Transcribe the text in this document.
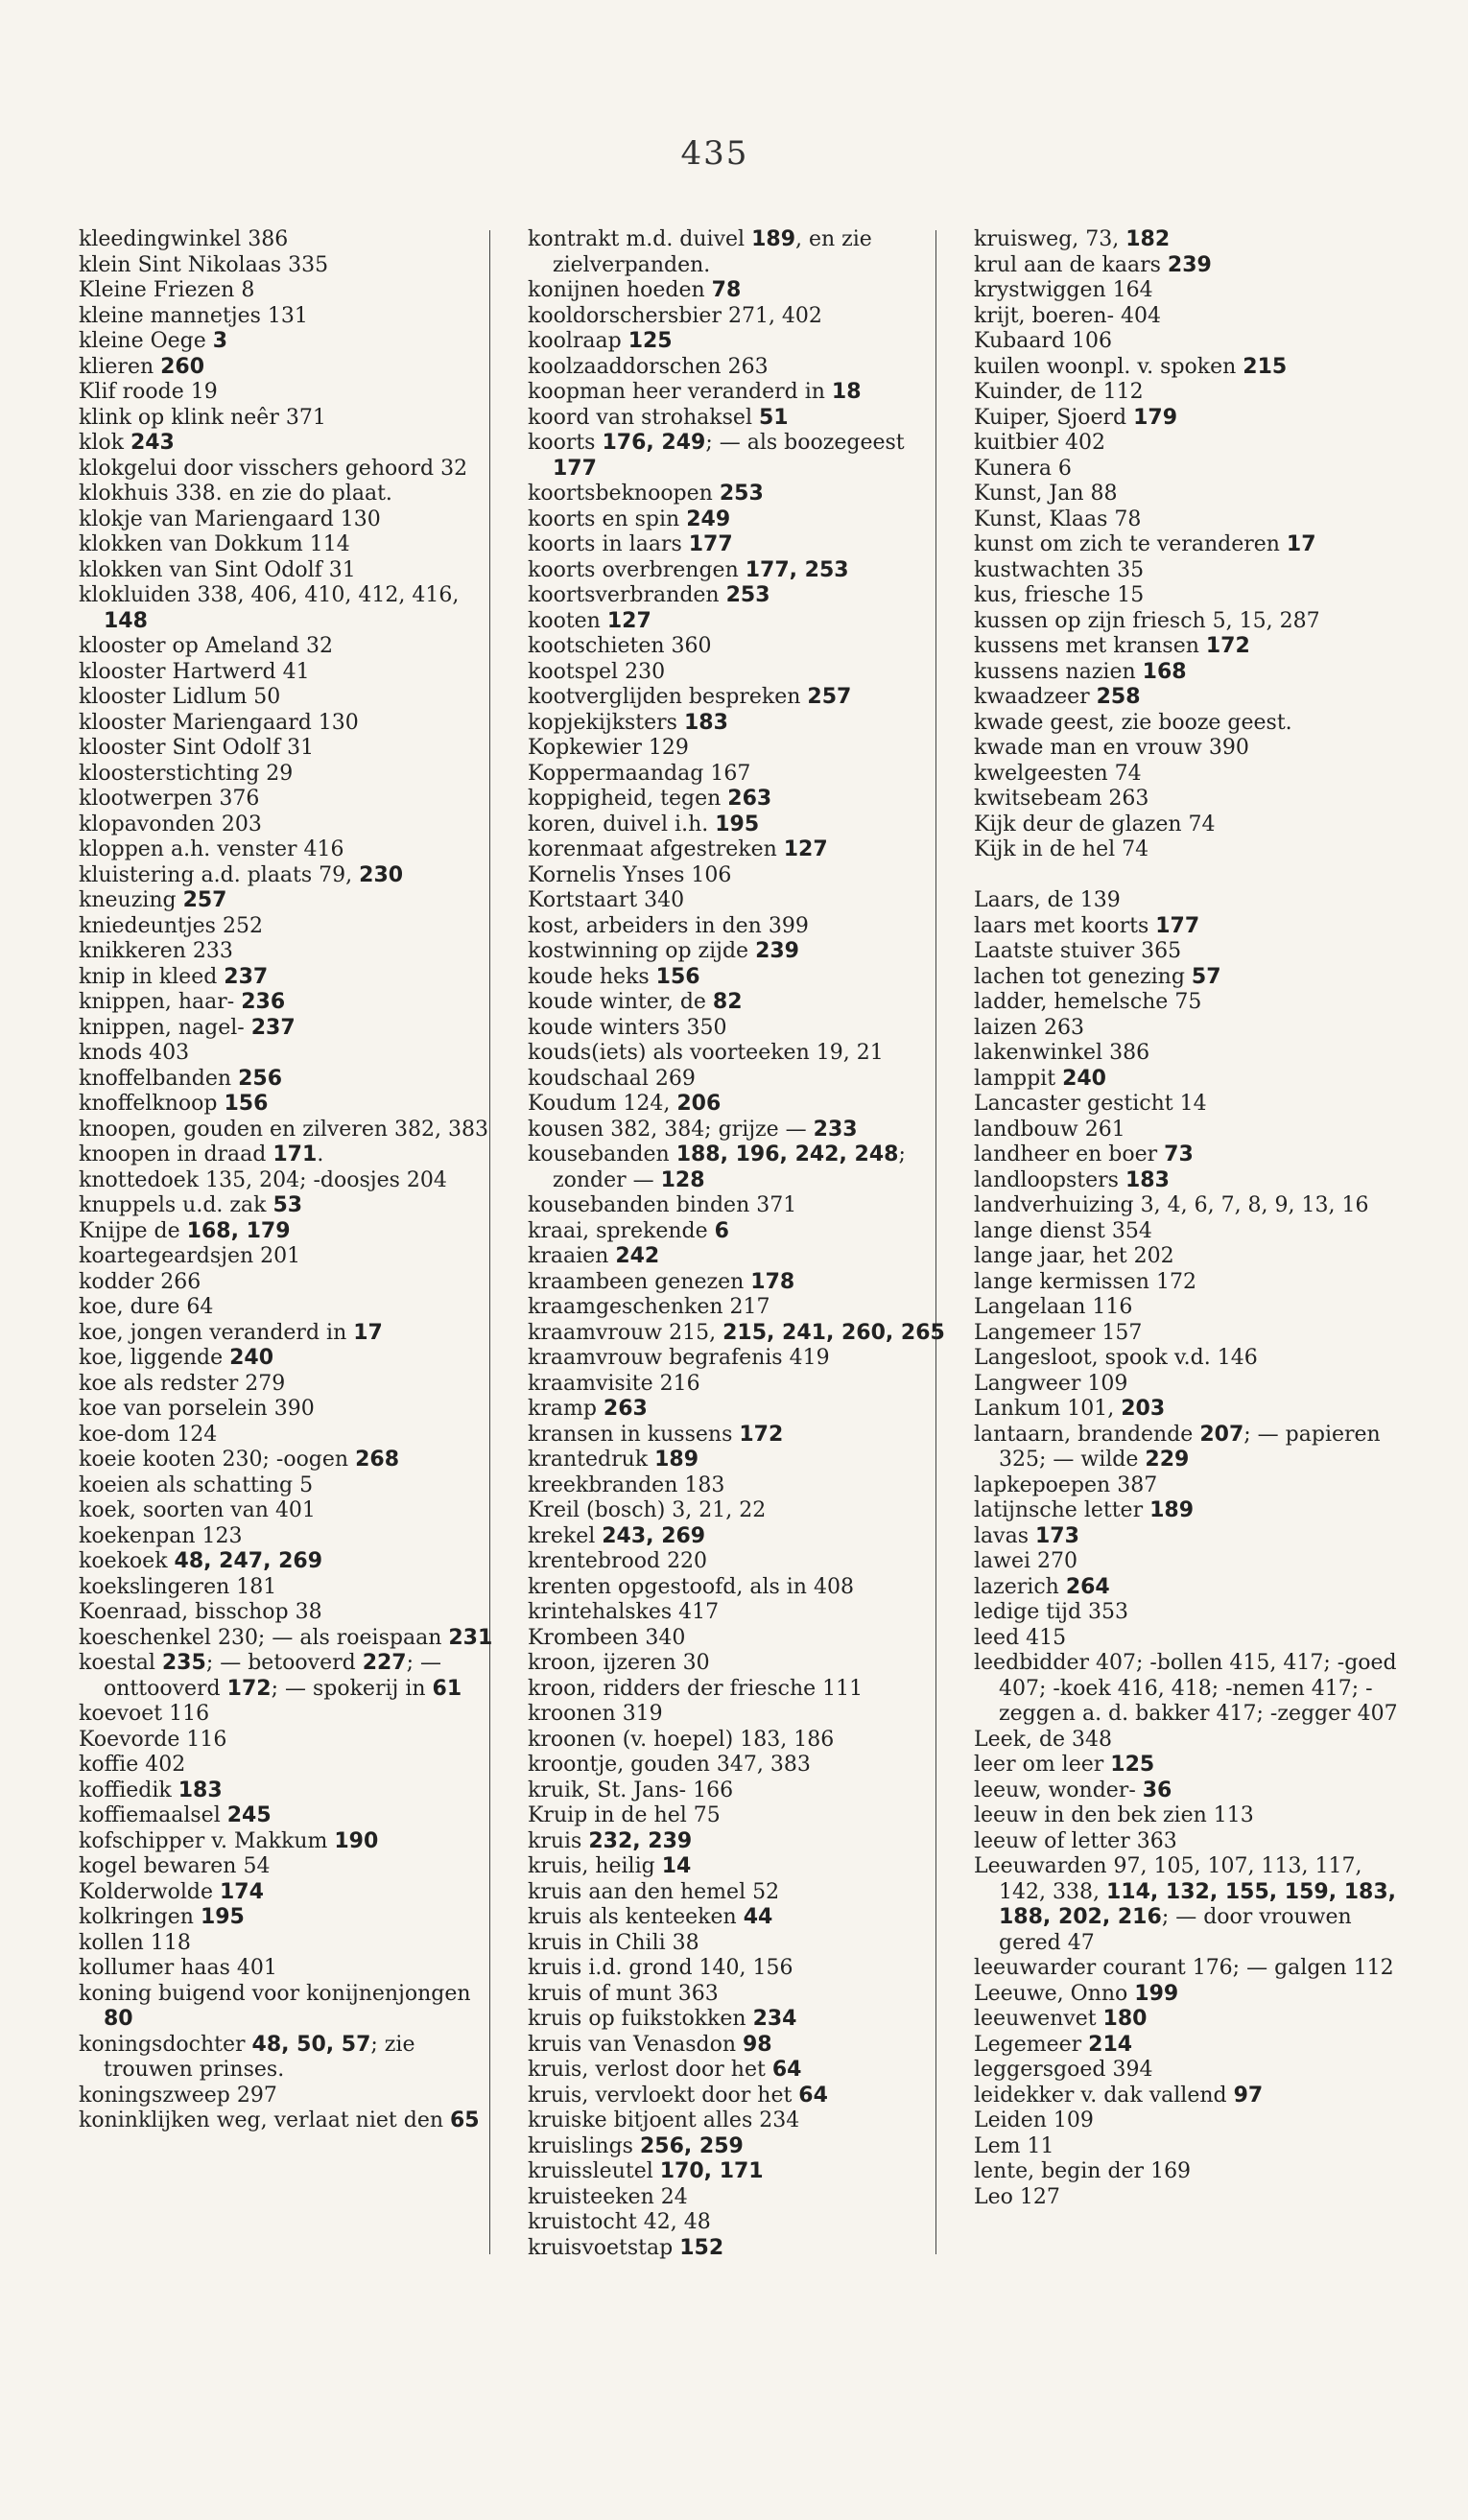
435
kleedingwinkel 386
klein Sint Nikolaas 335
Kleine Friezen 8
kleine mannetjes 131
kleine Oege 3
klieren 260
Klif roode 19
klink op klink neêr 371
klok 243
klokgelui door visschers gehoord 32
klokhuis 338. en zie do plaat.
klokje van Mariengaard 130
klokken van Dokkum 114
klokken van Sint Odolf 31
klokluiden 338, 406, 410, 412, 416, 148
klooster op Ameland 32
klooster Hartwerd 41
klooster Lidlum 50
klooster Mariengaard 130
klooster Sint Odolf 31
kloosterstichting 29
klootwerpen 376
klopavonden 203
kloppen a.h. venster 416
kluistering a.d. plaats 79, 230
kneuzing 257
kniedeuntjes 252
knikkeren 233
knip in kleed 237
knippen, haar- 236
knippen, nagel- 237
knods 403
knoffelbanden 256
knoffelknoop 156
knoopen, gouden en zilveren 382, 383
knoopen in draad 171.
knottedoek 135, 204; -doosjes 204
knuppels u.d. zak 53
Knijpe de 168, 179
koartegeardsjen 201
kodder 266
koe, dure 64
koe, jongen veranderd in 17
koe, liggende 240
koe als redster 279
koe van porselein 390
koe-dom 124
koeie kooten 230; -oogen 268
koeien als schatting 5
koek, soorten van 401
koekenpan 123
koekoek 48, 247, 269
koekslingeren 181
Koenraad, bisschop 38
koeschenkel 230; — als roeispaan 231
koestal 235; — betooverd 227; — onttooverd 172; — spokerij in 61
koevoet 116
Koevorde 116
koffie 402
koffiedik 183
koffiemaalsel 245
kofschipper v. Makkum 190
kogel bewaren 54
Kolderwolde 174
kolkringen 195
kollen 118
kollumer haas 401
koning buigend voor konijnenjongen 80
koningsdochter 48, 50, 57; zie trouwen prinses.
koningszweep 297
koninklijken weg, verlaat niet den 65
kontrakt m.d. duivel 189, en zie zielverpanden.
konijnen hoeden 78
kooldorschersbier 271, 402
koolraap 125
koolzaaddorschen 263
koopman heer veranderd in 18
koord van strohaksel 51
koorts 176, 249; — als boozegeest 177
koortsbeknoopen 253
koorts en spin 249
koorts in laars 177
koorts overbrengen 177, 253
koortsverbranden 253
kooten 127
kootschieten 360
kootspel 230
kootverglijden bespreken 257
kopjekijksters 183
Kopkewier 129
Koppermaandag 167
koppigheid, tegen 263
koren, duivel i.h. 195
korenmaat afgestreken 127
Kornelis Ynses 106
Kortstaart 340
kost, arbeiders in den 399
kostwinning op zijde 239
koude heks 156
koude winter, de 82
koude winters 350
kouds(iets) als voorteeken 19, 21
koudschaal 269
Koudum 124, 206
kousen 382, 384; grijze — 233
kousebanden 188, 196, 242, 248; zonder — 128
kousebanden binden 371
kraai, sprekende 6
kraaien 242
kraambeen genezen 178
kraamgeschenken 217
kraamvrouw 215, 215, 241, 260, 265
kraamvrouw begrafenis 419
kraamvisite 216
kramp 263
kransen in kussens 172
krantedruk 189
kreekbranden 183
Kreil (bosch) 3, 21, 22
krekel 243, 269
krentebrood 220
krenten opgestoofd, als in 408
krintehalskes 417
Krombeen 340
kroon, ijzeren 30
kroon, ridders der friesche 111
kroonen 319
kroonen (v. hoepel) 183, 186
kroontje, gouden 347, 383
kruik, St. Jans- 166
Kruip in de hel 75
kruis 232, 239
kruis, heilig 14
kruis aan den hemel 52
kruis als kenteeken 44
kruis in Chili 38
kruis i.d. grond 140, 156
kruis of munt 363
kruis op fuikstokken 234
kruis van Venasdon 98
kruis, verlost door het 64
kruis, vervloekt door het 64
kruiske bitjoent alles 234
kruislings 256, 259
kruissleutel 170, 171
kruisteeken 24
kruistocht 42, 48
kruisvoetstap 152
kruisweg, 73, 182
krul aan de kaars 239
krystwiggen 164
krijt, boeren- 404
Kubaard 106
kuilen woonpl. v. spoken 215
Kuinder, de 112
Kuiper, Sjoerd 179
kuitbier 402
Kunera 6
Kunst, Jan 88
Kunst, Klaas 78
kunst om zich te veranderen 17
kustwachten 35
kus, friesche 15
kussen op zijn friesch 5, 15, 287
kussens met kransen 172
kussens nazien 168
kwaadzeer 258
kwade geest, zie booze geest.
kwade man en vrouw 390
kwelgeesten 74
kwitsebeam 263
Kijk deur de glazen 74
Kijk in de hel 74
Laars, de 139
laars met koorts 177
Laatste stuiver 365
lachen tot genezing 57
ladder, hemelsche 75
laizen 263
lakenwinkel 386
lamppit 240
Lancaster gesticht 14
landbouw 261
landheer en boer 73
landloopsters 183
landverhuizing 3, 4, 6, 7, 8, 9, 13, 16
lange dienst 354
lange jaar, het 202
lange kermissen 172
Langelaan 116
Langemeer 157
Langesloot, spook v.d. 146
Langweer 109
Lankum 101, 203
lantaarn, brandende 207; — papieren 325; — wilde 229
lapkepoepen 387
latijnsche letter 189
lavas 173
lawei 270
lazerich 264
ledige tijd 353
leed 415
leedbidder 407; -bollen 415, 417; -goed 407; -koek 416, 418; -nemen 417; -zeggen a. d. bakker 417; -zegger 407
Leek, de 348
leer om leer 125
leeuw, wonder- 36
leeuw in den bek zien 113
leeuw of letter 363
Leeuwarden 97, 105, 107, 113, 117, 142, 338, 114, 132, 155, 159, 183, 188, 202, 216; — door vrouwen gered 47
leeuwarder courant 176; — galgen 112
Leeuwe, Onno 199
leeuwenvet 180
Legemeer 214
leggersgoed 394
leidekker v. dak vallend 97
Leiden 109
Lem 11
lente, begin der 169
Leo 127
